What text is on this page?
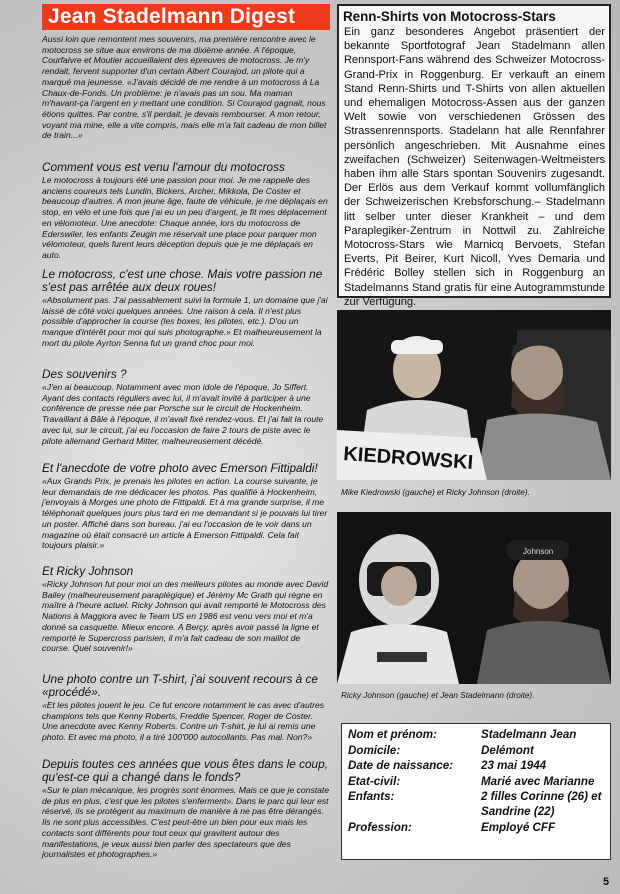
Jean Stadelmann Digest

Aussi loin que remontent mes souvenirs, ma première rencontre avec le motocross se situe aux environs de ma dixième année. A l'époque, Courfaivre et Moutier accueillaient des épreuves de motocross. Je m'y rendait, fervent supporter d'un certain Albert Courajod, un pilote qui a marqué ma jeunesse. «J'avais décidé de me rendre à un motocross à La Chaux-de-Fonds. Un problème: je n'avais pas un sou. Ma maman m'havant-ça l'argent en y mettant une condition. Si Courajod gagnait, nous étions quittes. Par contre, s'il perdait, je devais rembourser. A mon retour, voyant ma mine, elle a vite compris, mais elle m'a fait cadeau de mon billet de train...»

Comment vous est venu l'amour du motocross

Le motocross à toujours été une passion pour moi. Je me rappelle des anciens coureurs tels Lundin, Bickers, Archer, Mikkola, De Coster et beaucoup d'autres. A mon jeune âge, faute de véhicule, je me déplaçais en stop, en vélo et une fois que j'ai eu un peu d'argent, je fit mes déplacement en vélomoteur. Une anecdote: Chaque année, lors du motocross de Ederswiler, les enfants Zeugin me réservait une place pour parquer mon vélomoteur, quels furent leurs déception depuis que je me déplaçais en auto.

Le motocross, c'est une chose. Mais votre passion ne s'est pas arrêtée aux deux roues!

«Absolument pas. J'ai passablement suivi la formule 1, un domaine que j'ai laissé de côté voici quelques années. Une raison à cela. Il n'est plus possible d'approcher la course (les boxes, les pilotes, etc.). D'ou un manque d'intérêt pour moi qui suis photographe.» Et malheureusement la mort du pilote Ayrton Senna fut un grand choc pour moi.

Des souvenirs ?

«J'en ai beaucoup. Notamment avec mon idole de l'époque, Jo Siffert. Ayant des contacts réguliers avec lui, il m'avait invité à participer à une conférence de presse née par Porsche sur le circuit de Hockenheim. Travaillant à Bâle à l'époque, il m'avait fixé rendez-vous. Et j'ai fait la route avec lui, sur le circuit, j'ai eu l'occasion de faire 2 tours de piste avec le pilote allemand Gerhard Mitter, malheureusement décédé.

Et l'anecdote de votre photo avec Emerson Fittipaldi!

«Aux Grands Prix, je prenais les pilotes en action. La course suivante, je leur demandais de me dédicacer les photos. Pas qualifié à Hockenheim, j'envoyais à Morges une photo de Fittipaldi. Et à ma grande surprise, il me téléphonait quelques jours plus tard en me demandant si je pouvais lui tirer un poster. Affiché dans son bureau, j'ai eu l'occasion de le voir dans un magazine où était consacré un article à Emerson Fittipaldi. Cela fait toujours plaisir.»

Et Ricky Johnson

«Ricky Johnson fut pour moi un des meilleurs pilotes au monde avec David Bailey (malheureusement paraplégique) et Jérémy Mc Grath qui règne en maître à l'heure actuel. Ricky Johnson qui avait remporté le Motocross des Nations à Maggiora avec le Team US en 1986 est venu vers moi et m'a donné sa casquette. Mieux encore. A Berçy, après avoir passé la ligne et remporté le Supercross parisien, il m'a fait cadeau de son maillot de course. Quel souvenir!»

Une photo contre un T-shirt, j'ai souvent recours à ce «procédé».

«Et les pilotes jouent le jeu. Ce fut encore notamment le cas avec d'autres champions tels que Kenny Roberts, Freddie Spencer, Roger de Coster. Une anecdote avec Kenny Roberts. Contre un T-shirt, je lui ai remis une photo. Et avec ma photo, il a tiré 100'000 autocollants. Pas mal. Non?»

Depuis toutes ces années que vous êtes dans le coup, qu'est-ce qui a changé dans le fonds?

«Sur le plan mécanique, les progrès sont énormes. Mais ce que je constate de plus en plus, c'est que les pilotes s'enferment». Dans le parc qui leur est réservé, ils se protègent au maximum de manière à ne pas être dérangés. Ils ne sont plus accessibles. C'est peut-être un bien pour eux mais les contacts sont différents pour tout ceux qui gravitent autour des manifestations, je veux aussi bien parler des spectateurs que des journalistes et photographes.»

Renn-Shirts von Motocross-Stars

Ein ganz besonderes Angebot präsentiert der bekannte Sportfotograf Jean Stadelmann allen Rennsport-Fans während des Schweizer Motocross-Grand-Prix in Roggenburg. Er verkauft an einem Stand Renn-Shirts und T-Shirts von allen aktuellen und ehemaligen Motocross-Assen aus der ganzen Welt sowie von verschiedenen Grössen des Strassenrennsports. Stadelann hat alle Rennfahrer persönlich angeschrieben. Mit Ausnahme eines zweifachen (Schweizer) Seitenwagen-Weltmeisters haben ihm alle Stars spontan Souvenirs zugesandt. Der Erlös aus dem Verkauf kommt vollumfänglich der Schweizerischen Krebsforschung.– Stadelmann litt selber unter dieser Krankheit – und dem Paraplegiker-Zentrum in Nottwil zu. Zahlreiche Motocross-Stars wie Marnicq Bervoets, Stefan Everts, Pit Beirer, Kurt Nicoll, Yves Demaria und Frédéric Bolley stellen sich in Roggenburg an Stadelmanns Stand gratis für eine Autogrammstunde zur Verfügung.

KIEDROWSKI
Mike Kiedrowski (gauche) et Ricky Johnson (droite).
Johnson
Ricky Johnson (gauche) et Jean Stadelmann (droite).
Nom et prénom:	Stadelmann Jean
Domicile:	Delémont
Date de naissance:	23 mai 1944
Etat-civil:	Marié avec Marianne
Enfants:	2 filles Corinne (26) et Sandrine (22)
Profession:	Employé CFF
5
